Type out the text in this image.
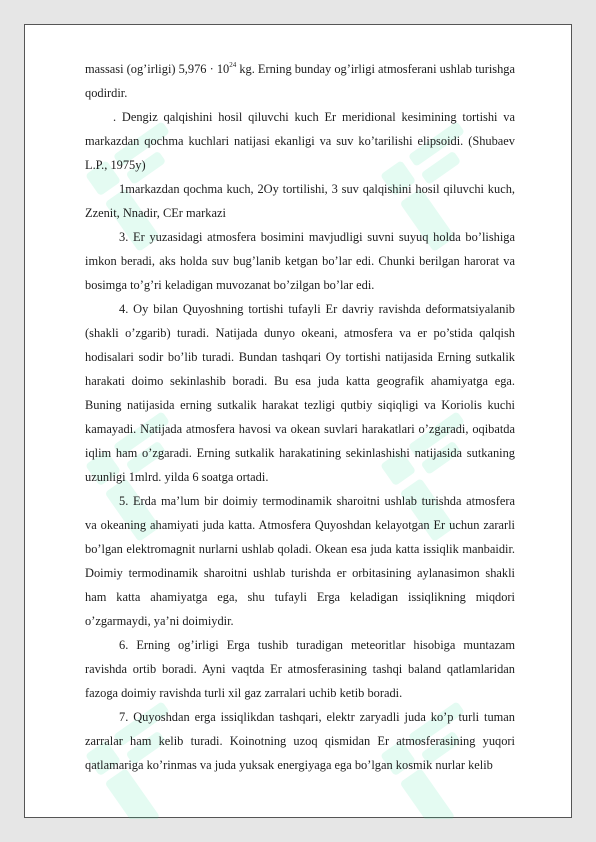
massasi (og’irligi) $5,976 \cdot 10^{24}$ kg. Erning bunday og’irligi atmosferani ushlab turishga qodirdir.

. Dengiz qalqishini hosil qiluvchi kuch Er meridional kesimining tortishi va markazdan qochma kuchlari natijasi ekanligi va suv ko’tarilishi elipsoidi. (Shubaev L.P., 1975y)

1markazdan qochma kuch, 2Oy tortilishi, 3 suv qalqishini hosil qiluvchi kuch, Zzenit, Nnadir, CEr markazi

3. Er yuzasidagi atmosfera bosimini mavjudligi suvni suyuq holda bo’lishiga imkon beradi, aks holda suv bug’lanib ketgan bo’lar edi. Chunki berilgan harorat va bosimga to’g’ri keladigan muvozanat bo’zilgan bo’lar edi.

4. Oy bilan Quyoshning tortishi tufayli Er davriy ravishda deformatsiyalanib (shakli o’zgarib) turadi. Natijada dunyo okeani, atmosfera va er po’stida qalqish hodisalari sodir bo’lib turadi. Bundan tashqari Oy tortishi natijasida Erning sutkalik harakati doimo sekinlashib boradi. Bu esa juda katta geografik ahamiyatga ega. Buning natijasida erning sutkalik harakat tezligi qutbiy siqiqligi va Koriolis kuchi kamayadi. Natijada atmosfera havosi va okean suvlari harakatlari o’zgaradi, oqibatda iqlim ham o’zgaradi. Erning sutkalik harakatining sekinlashishi natijasida sutkaning uzunligi 1mlrd. yilda 6 soatga ortadi.

5. Erda ma’lum bir doimiy termodinamik sharoitni ushlab turishda atmosfera va okeaning ahamiyati juda katta. Atmosfera Quyoshdan kelayotgan Er uchun zararli bo’lgan elektromagnit nurlarni ushlab qoladi. Okean esa juda katta issiqlik manbaidir. Doimiy termodinamik sharoitni ushlab turishda er orbitasining aylanasimon shakli ham katta ahamiyatga ega, shu tufayli Erga keladigan issiqlikning miqdori o’zgarmaydi, ya’ni doimiydir.

6. Erning og’irligi Erga tushib turadigan meteoritlar hisobiga muntazam ravishda ortib boradi. Ayni vaqtda Er atmosferasining tashqi baland qatlamlaridan fazoga doimiy ravishda turli xil gaz zarralari uchib ketib boradi.

7. Quyoshdan erga issiqlikdan tashqari, elektr zaryadli juda ko’p turli tuman zarralar ham kelib turadi. Koinotning uzoq qismidan Er atmosferasining yuqori qatlamariga ko’rinmas va juda yuksak energiyaga ega bo’lgan kosmik nurlar kelib
